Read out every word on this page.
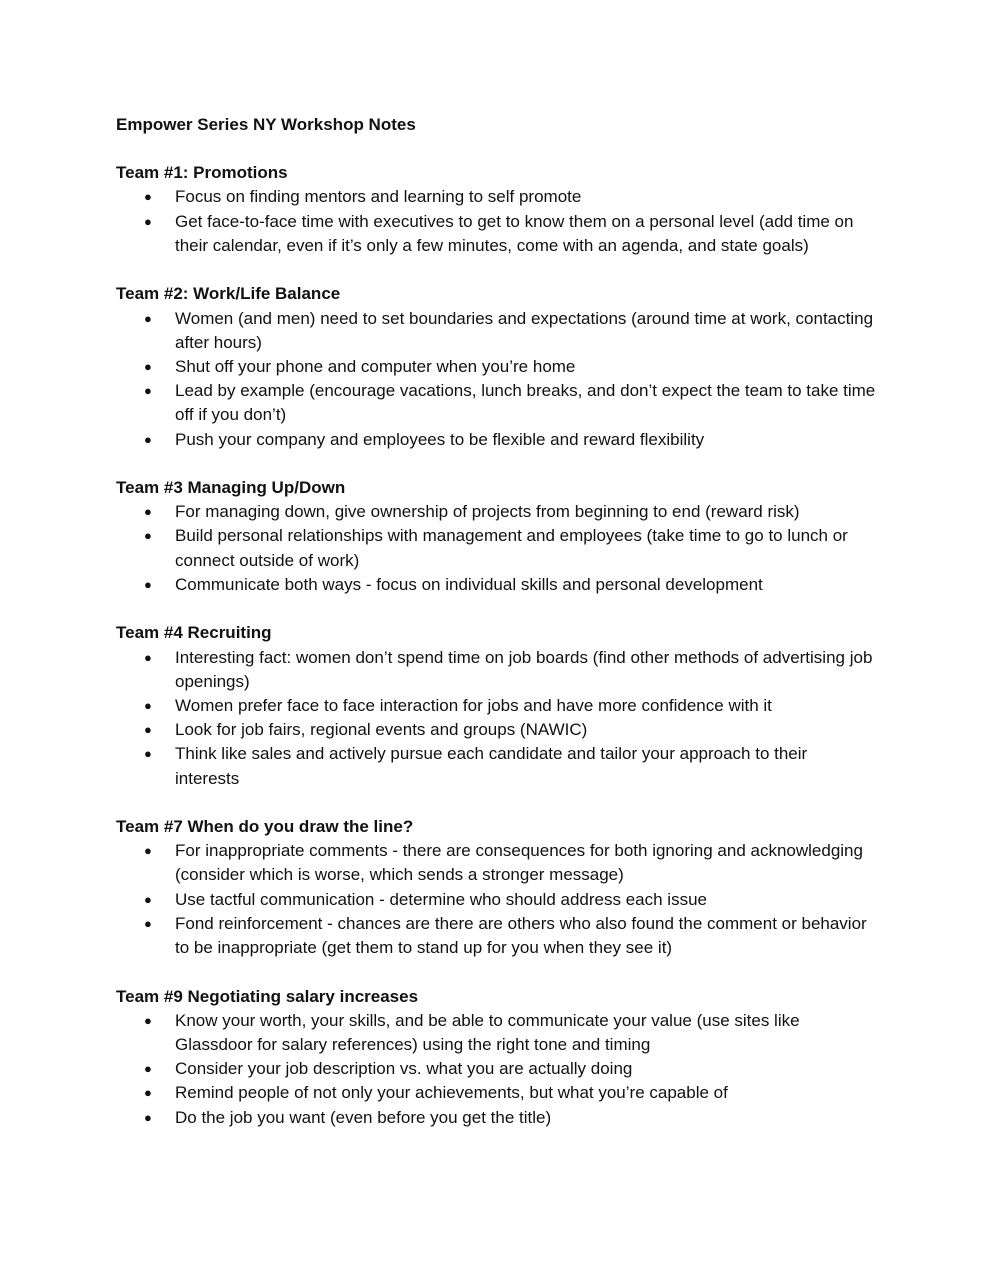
Empower Series NY Workshop Notes
Team #1: Promotions
● Focus on finding mentors and learning to self promote
● Get face-to-face time with executives to get to know them on a personal level (add time on their calendar, even if it’s only a few minutes, come with an agenda, and state goals)
Team #2: Work/Life Balance
● Women (and men) need to set boundaries and expectations (around time at work, contacting after hours)
● Shut off your phone and computer when you’re home
● Lead by example (encourage vacations, lunch breaks, and don’t expect the team to take time off if you don’t)
● Push your company and employees to be flexible and reward flexibility
Team #3 Managing Up/Down
● For managing down, give ownership of projects from beginning to end (reward risk)
● Build personal relationships with management and employees (take time to go to lunch or connect outside of work)
● Communicate both ways - focus on individual skills and personal development
Team #4 Recruiting
● Interesting fact: women don’t spend time on job boards (find other methods of advertising job openings)
● Women prefer face to face interaction for jobs and have more confidence with it
● Look for job fairs, regional events and groups (NAWIC)
● Think like sales and actively pursue each candidate and tailor your approach to their interests
Team #7 When do you draw the line?
● For inappropriate comments - there are consequences for both ignoring and acknowledging (consider which is worse, which sends a stronger message)
● Use tactful communication - determine who should address each issue
● Fond reinforcement - chances are there are others who also found the comment or behavior to be inappropriate (get them to stand up for you when they see it)
Team #9 Negotiating salary increases
● Know your worth, your skills, and be able to communicate your value (use sites like Glassdoor for salary references) using the right tone and timing
● Consider your job description vs. what you are actually doing
● Remind people of not only your achievements, but what you’re capable of
● Do the job you want (even before you get the title)
